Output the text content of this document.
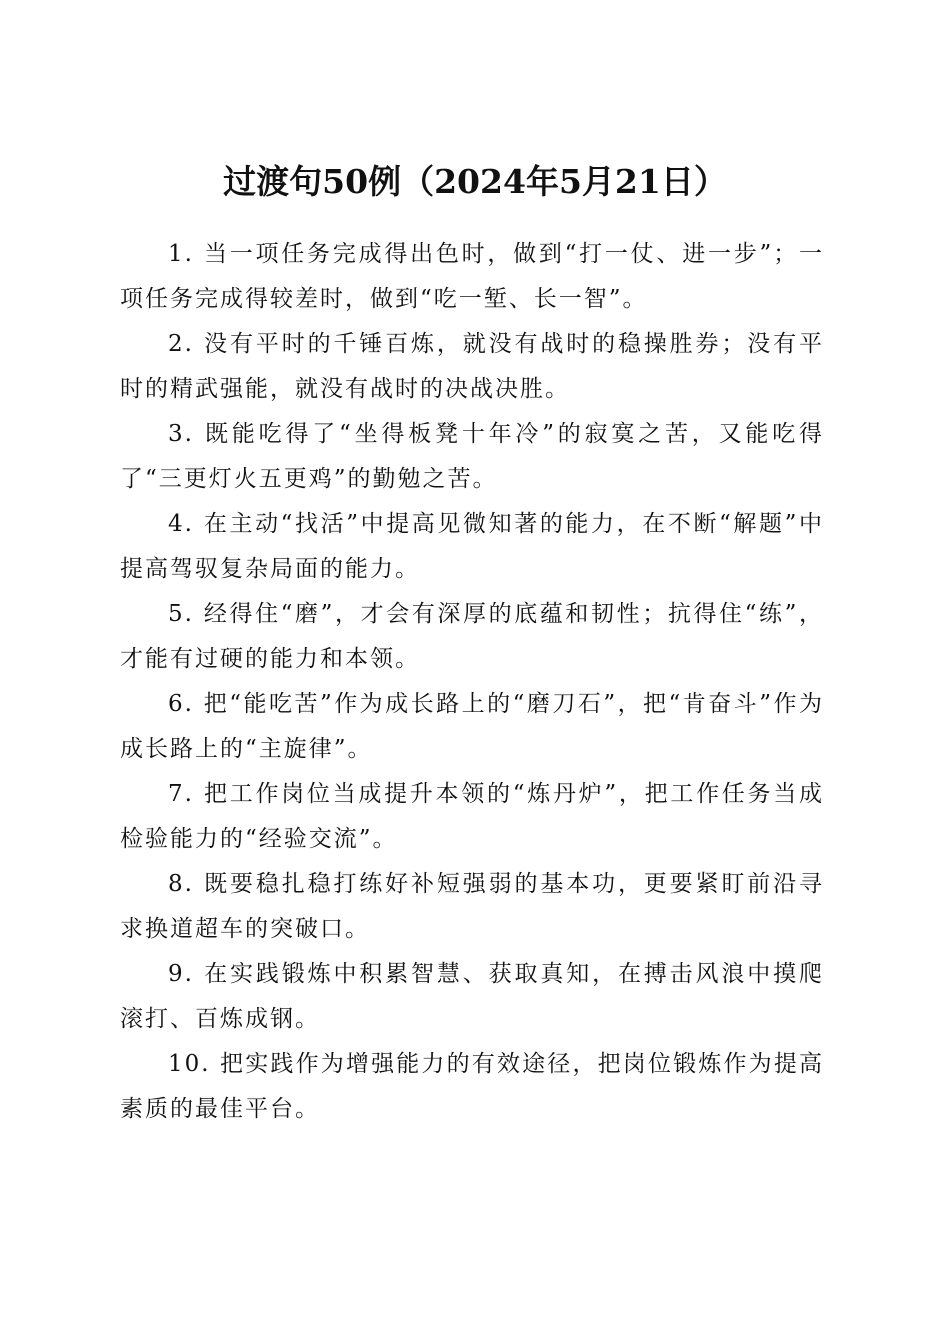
过渡句50例（2024年5月21日）

1. 当一项任务完成得出色时，做到“打一仗、进一步”；一项任务完成得较差时，做到“吃一堑、长一智”。

2. 没有平时的千锤百炼，就没有战时的稳操胜券；没有平时的精武强能，就没有战时的决战决胜。

3. 既能吃得了“坐得板凳十年冷”的寂寞之苦，又能吃得了“三更灯火五更鸡”的勤勉之苦。

4. 在主动“找活”中提高见微知著的能力，在不断“解题”中提高驾驭复杂局面的能力。

5. 经得住“磨”，才会有深厚的底蕴和韧性；抗得住“练”，才能有过硬的能力和本领。

6. 把“能吃苦”作为成长路上的“磨刀石”，把“肯奋斗”作为成长路上的“主旋律”。

7. 把工作岗位当成提升本领的“炼丹炉”，把工作任务当成检验能力的“经验交流”。

8. 既要稳扎稳打练好补短强弱的基本功，更要紧盯前沿寻求换道超车的突破口。

9. 在实践锻炼中积累智慧、获取真知，在搏击风浪中摸爬滚打、百炼成钢。

10. 把实践作为增强能力的有效途径，把岗位锻炼作为提高素质的最佳平台。
